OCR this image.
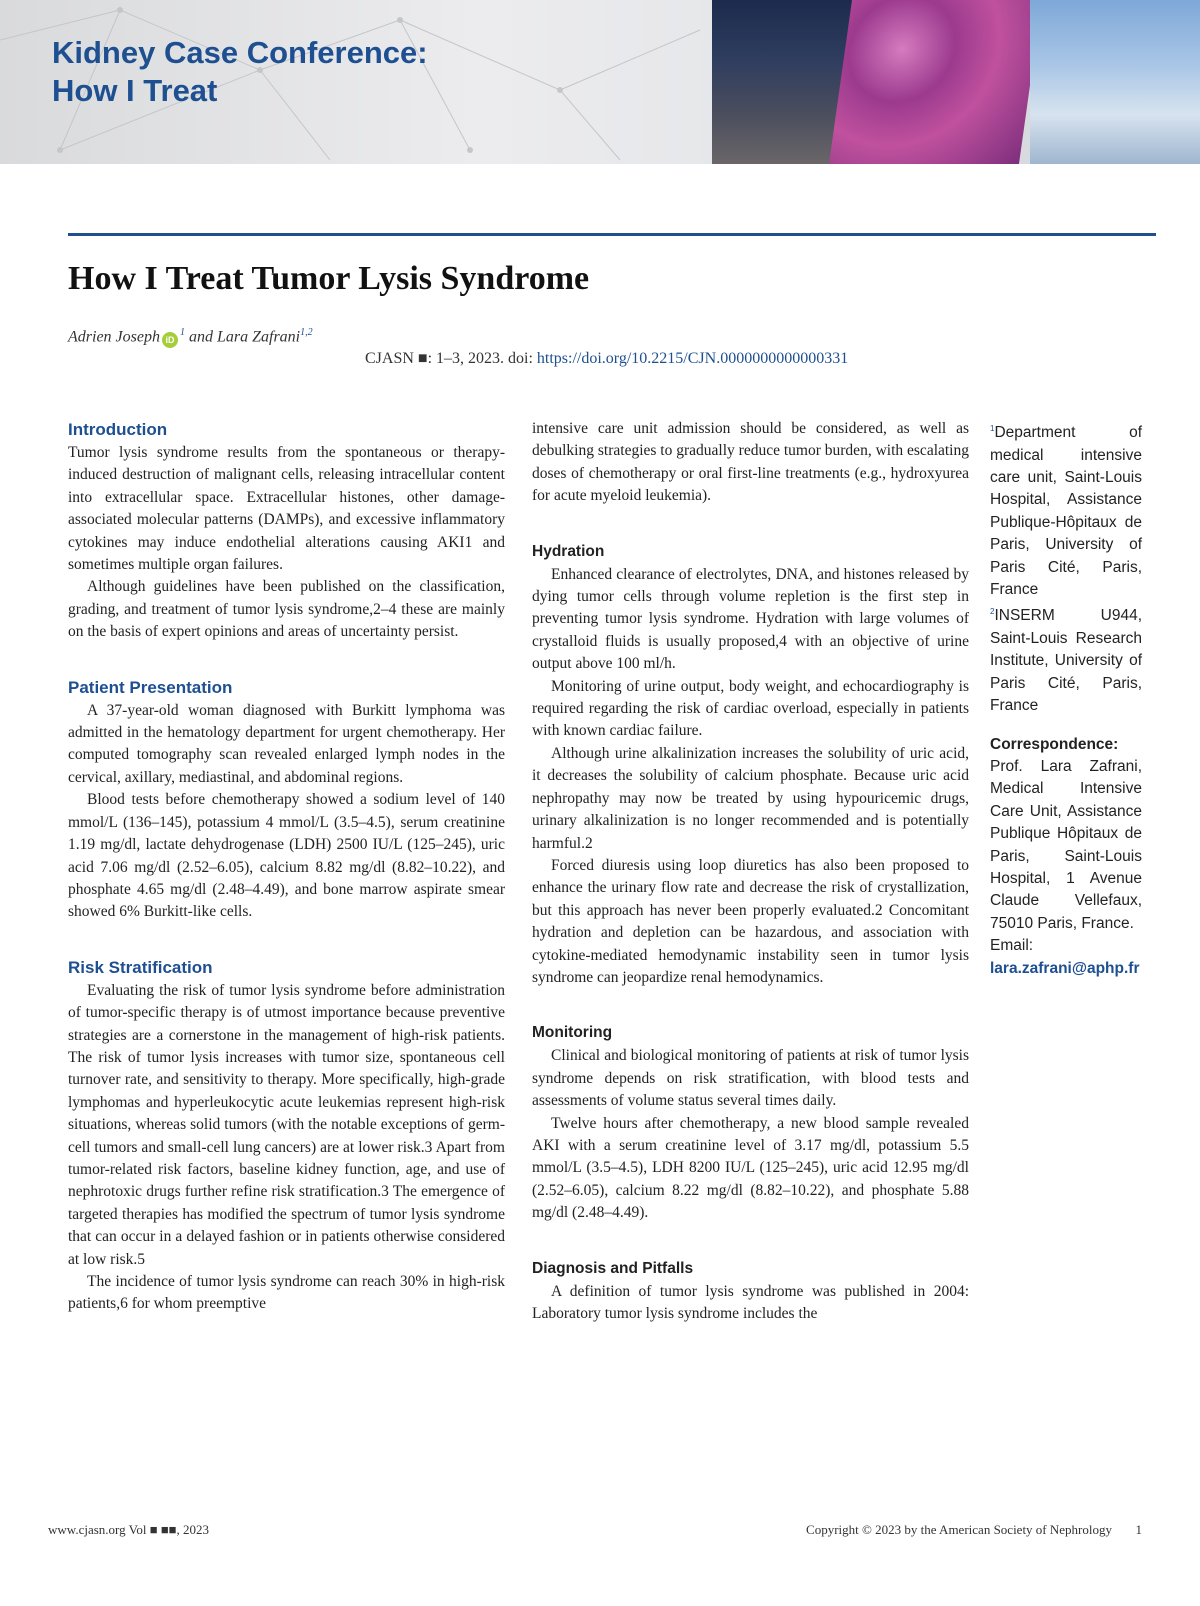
Kidney Case Conference:
How I Treat
How I Treat Tumor Lysis Syndrome
Adrien Joseph $iD^1$ and Lara Zafrani$^{1,2}$
CJASN ■: 1–3, 2023. doi: https://doi.org/10.2215/CJN.0000000000000331
Introduction

Tumor lysis syndrome results from the spontaneous or therapy-induced destruction of malignant cells, releasing intracellular content into extracellular space. Extracellular histones, other damage-associated molecular patterns (DAMPs), and excessive inflammatory cytokines may induce endothelial alterations causing AKI1 and sometimes multiple organ failures.

Although guidelines have been published on the classification, grading, and treatment of tumor lysis syndrome,2–4 these are mainly on the basis of expert opinions and areas of uncertainty persist.

Patient Presentation

A 37-year-old woman diagnosed with Burkitt lymphoma was admitted in the hematology department for urgent chemotherapy. Her computed tomography scan revealed enlarged lymph nodes in the cervical, axillary, mediastinal, and abdominal regions.

Blood tests before chemotherapy showed a sodium level of 140 mmol/L (136–145), potassium 4 mmol/L (3.5–4.5), serum creatinine 1.19 mg/dl, lactate dehydrogenase (LDH) 2500 IU/L (125–245), uric acid 7.06 mg/dl (2.52–6.05), calcium 8.82 mg/dl (8.82–10.22), and phosphate 4.65 mg/dl (2.48–4.49), and bone marrow aspirate smear showed 6% Burkitt-like cells.

Risk Stratification

Evaluating the risk of tumor lysis syndrome before administration of tumor-specific therapy is of utmost importance because preventive strategies are a cornerstone in the management of high-risk patients. The risk of tumor lysis increases with tumor size, spontaneous cell turnover rate, and sensitivity to therapy. More specifically, high-grade lymphomas and hyperleukocytic acute leukemias represent high-risk situations, whereas solid tumors (with the notable exceptions of germ-cell tumors and small-cell lung cancers) are at lower risk.3 Apart from tumor-related risk factors, baseline kidney function, age, and use of nephrotoxic drugs further refine risk stratification.3 The emergence of targeted therapies has modified the spectrum of tumor lysis syndrome that can occur in a delayed fashion or in patients otherwise considered at low risk.5

The incidence of tumor lysis syndrome can reach 30% in high-risk patients,6 for whom preemptive

intensive care unit admission should be considered, as well as debulking strategies to gradually reduce tumor burden, with escalating doses of chemotherapy or oral first-line treatments (e.g., hydroxyurea for acute myeloid leukemia).

Hydration

Enhanced clearance of electrolytes, DNA, and histones released by dying tumor cells through volume repletion is the first step in preventing tumor lysis syndrome. Hydration with large volumes of crystalloid fluids is usually proposed,4 with an objective of urine output above 100 ml/h.

Monitoring of urine output, body weight, and echocardiography is required regarding the risk of cardiac overload, especially in patients with known cardiac failure.

Although urine alkalinization increases the solubility of uric acid, it decreases the solubility of calcium phosphate. Because uric acid nephropathy may now be treated by using hypouricemic drugs, urinary alkalinization is no longer recommended and is potentially harmful.2

Forced diuresis using loop diuretics has also been proposed to enhance the urinary flow rate and decrease the risk of crystallization, but this approach has never been properly evaluated.2 Concomitant hydration and depletion can be hazardous, and association with cytokine-mediated hemodynamic instability seen in tumor lysis syndrome can jeopardize renal hemodynamics.

Monitoring

Clinical and biological monitoring of patients at risk of tumor lysis syndrome depends on risk stratification, with blood tests and assessments of volume status several times daily.

Twelve hours after chemotherapy, a new blood sample revealed AKI with a serum creatinine level of 3.17 mg/dl, potassium 5.5 mmol/L (3.5–4.5), LDH 8200 IU/L (125–245), uric acid 12.95 mg/dl (2.52–6.05), calcium 8.22 mg/dl (8.82–10.22), and phosphate 5.88 mg/dl (2.48–4.49).

Diagnosis and Pitfalls

A definition of tumor lysis syndrome was published in 2004: Laboratory tumor lysis syndrome includes the

$^1$Department of medical intensive care unit, Saint-Louis Hospital, Assistance Publique-Hôpitaux de Paris, University of Paris Cité, Paris, France

$^2$INSERM U944, Saint-Louis Research Institute, University of Paris Cité, Paris, France

Correspondence:

Prof. Lara Zafrani, Medical Intensive Care Unit, Assistance Publique Hôpitaux de Paris, Saint-Louis Hospital, 1 Avenue Claude Vellefaux, 75010 Paris, France.

Email: lara.zafrani@aphp.fr

www.cjasn.org Vol ■ ■■, 2023	Copyright © 2023 by the American Society of Nephrology 1
